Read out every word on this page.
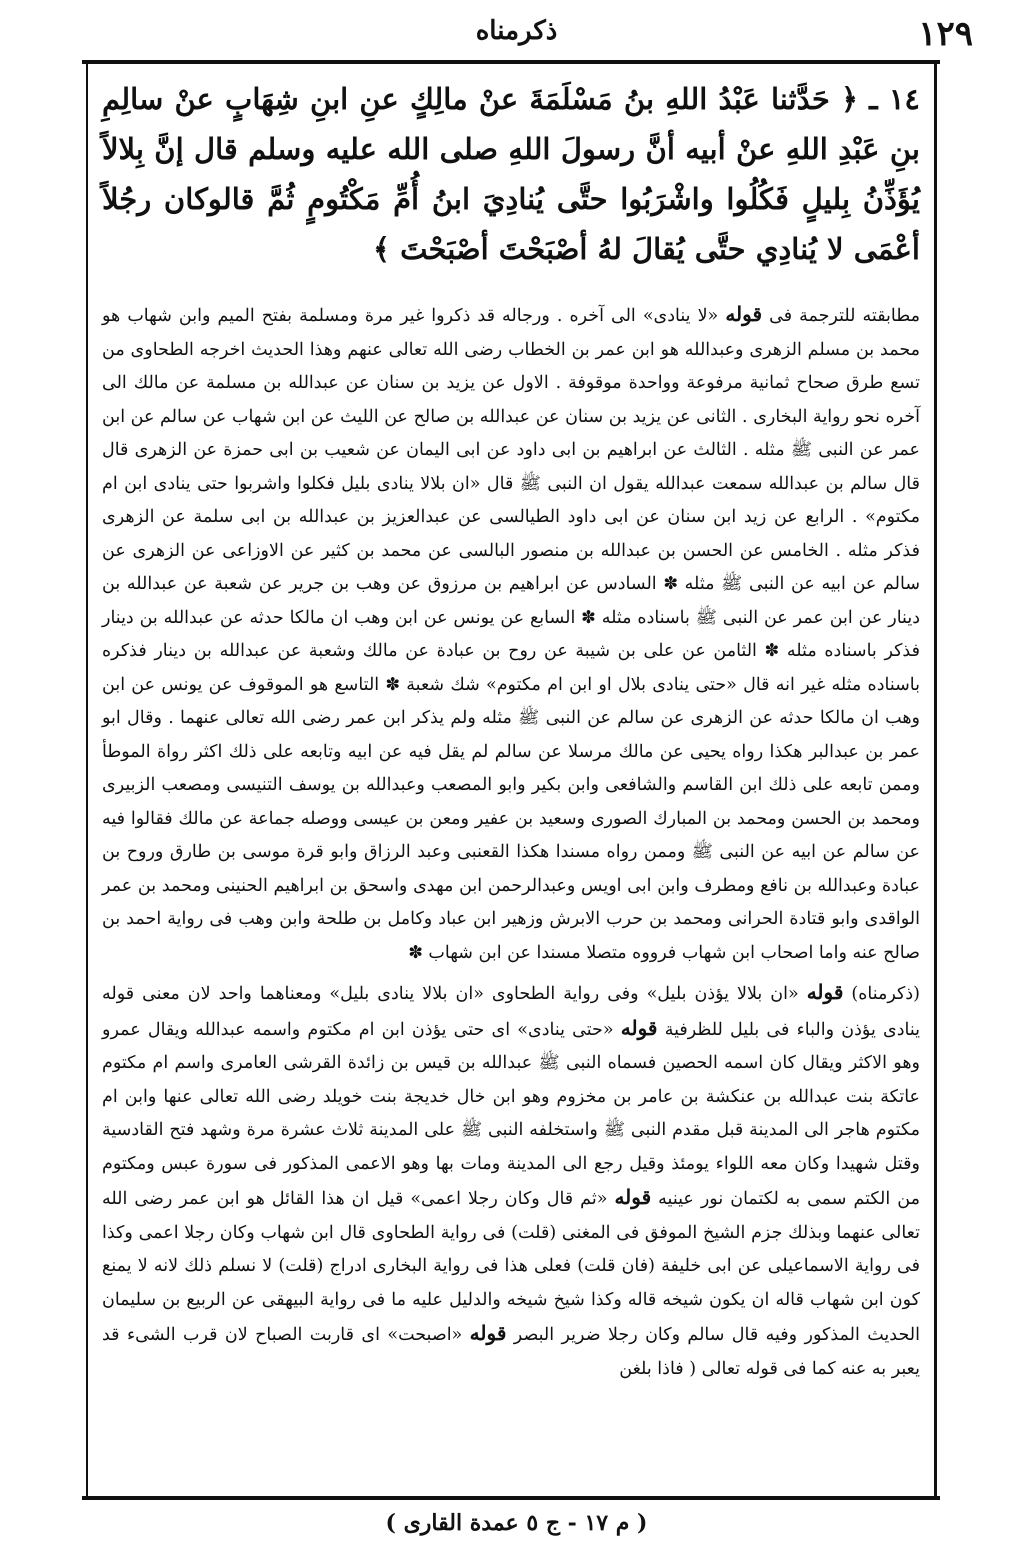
١٢٩
ذكرمناه
١٤ ـ ﴿ حَدَّثنا عَبْدُ اللهِ بنُ مَسْلَمَةَ عنْ مالِكٍ عنِ ابنِ شِهَابٍ عنْ سالِمِ بنِ عَبْدِ اللهِ عنْ أبيه أنَّ رسولَ اللهِ صلى الله عليه وسلم قال إنَّ بِلالاً يُؤَذِّنُ بِليلٍ فَكُلُوا واشْرَبُوا حتَّى يُنادِيَ ابنُ أُمِّ مَكْتُومٍ ثُمَّ قالوكان رجُلاً أعْمَى لا يُنادِي حتَّى يُقالَ لهُ أصْبَحْتَ أصْبَحْتَ ﴾

مطابقته للترجمة فى قوله «لا ينادى» الى آخره . ورجاله قد ذكروا غير مرة ومسلمة بفتح الميم وابن شهاب هو محمد بن مسلم الزهرى وعبدالله هو ابن عمر بن الخطاب رضى الله تعالى عنهم وهذا الحديث اخرجه الطحاوى من تسع طرق صحاح ثمانية مرفوعة وواحدة موقوفة . الاول عن يزيد بن سنان عن عبدالله بن مسلمة عن مالك الى آخره نحو رواية البخارى . الثانى عن يزيد بن سنان عن عبدالله بن صالح عن الليث عن ابن شهاب عن سالم عن ابن عمر عن النبى ﷺ مثله . الثالث عن ابراهيم بن ابى داود عن ابى اليمان عن شعيب بن ابى حمزة عن الزهرى قال قال سالم بن عبدالله سمعت عبدالله يقول ان النبى ﷺ قال «ان بلالا ينادى بليل فكلوا واشربوا حتى ينادى ابن ام مكتوم» . الرابع عن زيد ابن سنان عن ابى داود الطيالسى عن عبدالعزيز بن عبدالله بن ابى سلمة عن الزهرى فذكر مثله . الخامس عن الحسن بن عبدالله بن منصور البالسى عن محمد بن كثير عن الاوزاعى عن الزهرى عن سالم عن ابيه عن النبى ﷺ مثله ✽ السادس عن ابراهيم بن مرزوق عن وهب بن جرير عن شعبة عن عبدالله بن دينار عن ابن عمر عن النبى ﷺ باسناده مثله ✽ السابع عن يونس عن ابن وهب ان مالكا حدثه عن عبدالله بن دينار فذكر باسناده مثله ✽ الثامن عن على بن شيبة عن روح بن عبادة عن مالك وشعبة عن عبدالله بن دينار فذكره باسناده مثله غير انه قال «حتى ينادى بلال او ابن ام مكتوم» شك شعبة ✽ التاسع هو الموقوف عن يونس عن ابن وهب ان مالكا حدثه عن الزهرى عن سالم عن النبى ﷺ مثله ولم يذكر ابن عمر رضى الله تعالى عنهما . وقال ابو عمر بن عبدالبر هكذا رواه يحيى عن مالك مرسلا عن سالم لم يقل فيه عن ابيه وتابعه على ذلك اكثر رواة الموطأ وممن تابعه على ذلك ابن القاسم والشافعى وابن بكير وابو المصعب وعبدالله بن يوسف التنيسى ومصعب الزبيرى ومحمد بن الحسن ومحمد بن المبارك الصورى وسعيد بن عفير ومعن بن عيسى ووصله جماعة عن مالك فقالوا فيه عن سالم عن ابيه عن النبى ﷺ وممن رواه مسندا هكذا القعنبى وعبد الرزاق وابو قرة موسى بن طارق وروح بن عبادة وعبدالله بن نافع ومطرف وابن ابى اويس وعبدالرحمن ابن مهدى واسحق بن ابراهيم الحنينى ومحمد بن عمر الواقدى وابو قتادة الحرانى ومحمد بن حرب الابرش وزهير ابن عباد وكامل بن طلحة وابن وهب فى رواية احمد بن صالح عنه واما اصحاب ابن شهاب فرووه متصلا مسندا عن ابن شهاب ✽

(ذكرمناه) قوله «ان بلالا يؤذن بليل» وفى رواية الطحاوى «ان بلالا ينادى بليل» ومعناهما واحد لان معنى قوله ينادى يؤذن والباء فى بليل للظرفية قوله «حتى ينادى» اى حتى يؤذن ابن ام مكتوم واسمه عبدالله ويقال عمرو وهو الاكثر ويقال كان اسمه الحصين فسماه النبى ﷺ عبدالله بن قيس بن زائدة القرشى العامرى واسم ام مكتوم عاتكة بنت عبدالله بن عنكشة بن عامر بن مخزوم وهو ابن خال خديجة بنت خويلد رضى الله تعالى عنها وابن ام مكتوم هاجر الى المدينة قبل مقدم النبى ﷺ واستخلفه النبى ﷺ على المدينة ثلاث عشرة مرة وشهد فتح القادسية وقتل شهيدا وكان معه اللواء يومئذ وقيل رجع الى المدينة ومات بها وهو الاعمى المذكور فى سورة عبس ومكتوم من الكتم سمى به لكتمان نور عينيه قوله «ثم قال وكان رجلا اعمى» قيل ان هذا القائل هو ابن عمر رضى الله تعالى عنهما وبذلك جزم الشيخ الموفق فى المغنى (قلت) فى رواية الطحاوى قال ابن شهاب وكان رجلا اعمى وكذا فى رواية الاسماعيلى عن ابى خليفة (فان قلت) فعلى هذا فى رواية البخارى ادراج (قلت) لا نسلم ذلك لانه لا يمنع كون ابن شهاب قاله ان يكون شيخه قاله وكذا شيخ شيخه والدليل عليه ما فى رواية البيهقى عن الربيع بن سليمان الحديث المذكور وفيه قال سالم وكان رجلا ضرير البصر قوله «اصبحت» اى قاربت الصباح لان قرب الشىء قد يعبر به عنه كما فى قوله تعالى ( فاذا بلغن

( م ١٧ - ج ٥ عمدة القارى )
